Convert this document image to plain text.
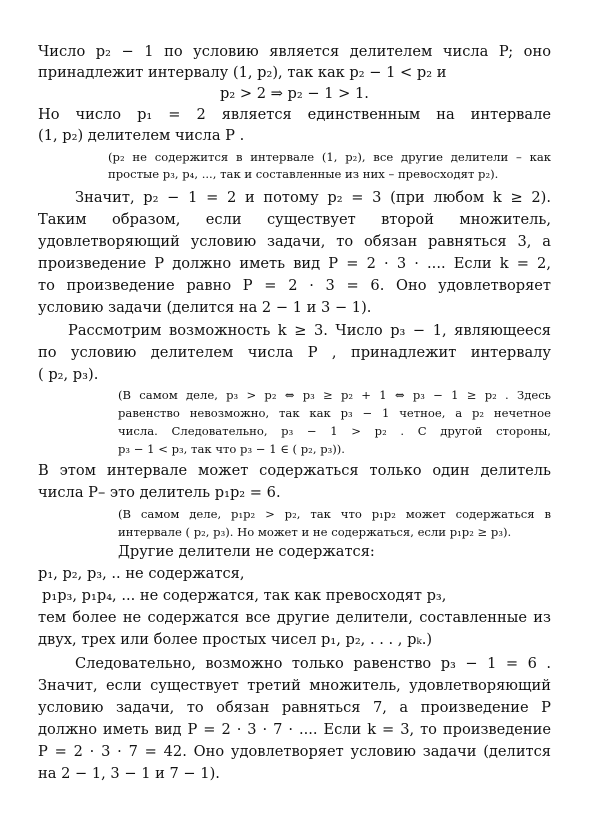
Число p₂ − 1 по условию является делителем числа P; оно
принадлежит интервалу (1, p₂), так как p₂ − 1 < p₂ и
p₂ > 2 ⇒ p₂ − 1 > 1.
Но число p₁ = 2 является единственным на интервале
(1, p₂) делителем числа P .
(p₂ не содержится в интервале (1, p₂), все другие делители – как
простые p₃, p₄, ..., так и составленные из них – превосходят p₂).
Значит, p₂ − 1 = 2 и потому p₂ = 3 (при любом k ≥ 2).
Таким образом, если существует второй множитель,
удовлетворяющий условию задачи, то обязан равняться 3, а
произведение P должно иметь вид P = 2 · 3 · .... Если k = 2,
то произведение равно P = 2 · 3 = 6. Оно удовлетворяет
условию задачи (делится на 2 − 1 и 3 − 1).
Рассмотрим возможность k ≥ 3. Число p₃ − 1, являющееся
по условию делителем числа P , принадлежит интервалу
( p₂, p₃).
(В самом деле, p₃ > p₂ ⇔ p₃ ≥ p₂ + 1 ⇔ p₃ − 1 ≥ p₂ . Здесь
равенство невозможно, так как p₃ − 1 четное, а p₂ нечетное
числа. Следовательно, p₃ − 1 > p₂ . С другой стороны,
p₃ − 1 < p₃, так что p₃ − 1 ∈ ( p₂, p₃)).
В этом интервале может содержаться только один делитель
числа P– это делитель p₁p₂ = 6.
(В самом деле, p₁p₂ > p₂, так что p₁p₂ может содержаться в
интервале ( p₂, p₃). Но может и не содержаться, если p₁p₂ ≥ p₃).
Другие делители не содержатся:
p₁, p₂, p₃, .. не содержатся,
p₁p₃, p₁p₄, ... не содержатся, так как превосходят p₃,
тем более не содержатся все другие делители, составленные из
двух, трех или более простых чисел p₁, p₂, . . . , pₖ.)
Следовательно, возможно только равенство p₃ − 1 = 6 .
Значит, если существует третий множитель, удовлетворяющий
условию задачи, то обязан равняться 7, а произведение P
должно иметь вид P = 2 · 3 · 7 · .... Если k = 3, то произведение
P = 2 · 3 · 7 = 42. Оно удовлетворяет условию задачи (делится
на 2 − 1, 3 − 1 и 7 − 1).
